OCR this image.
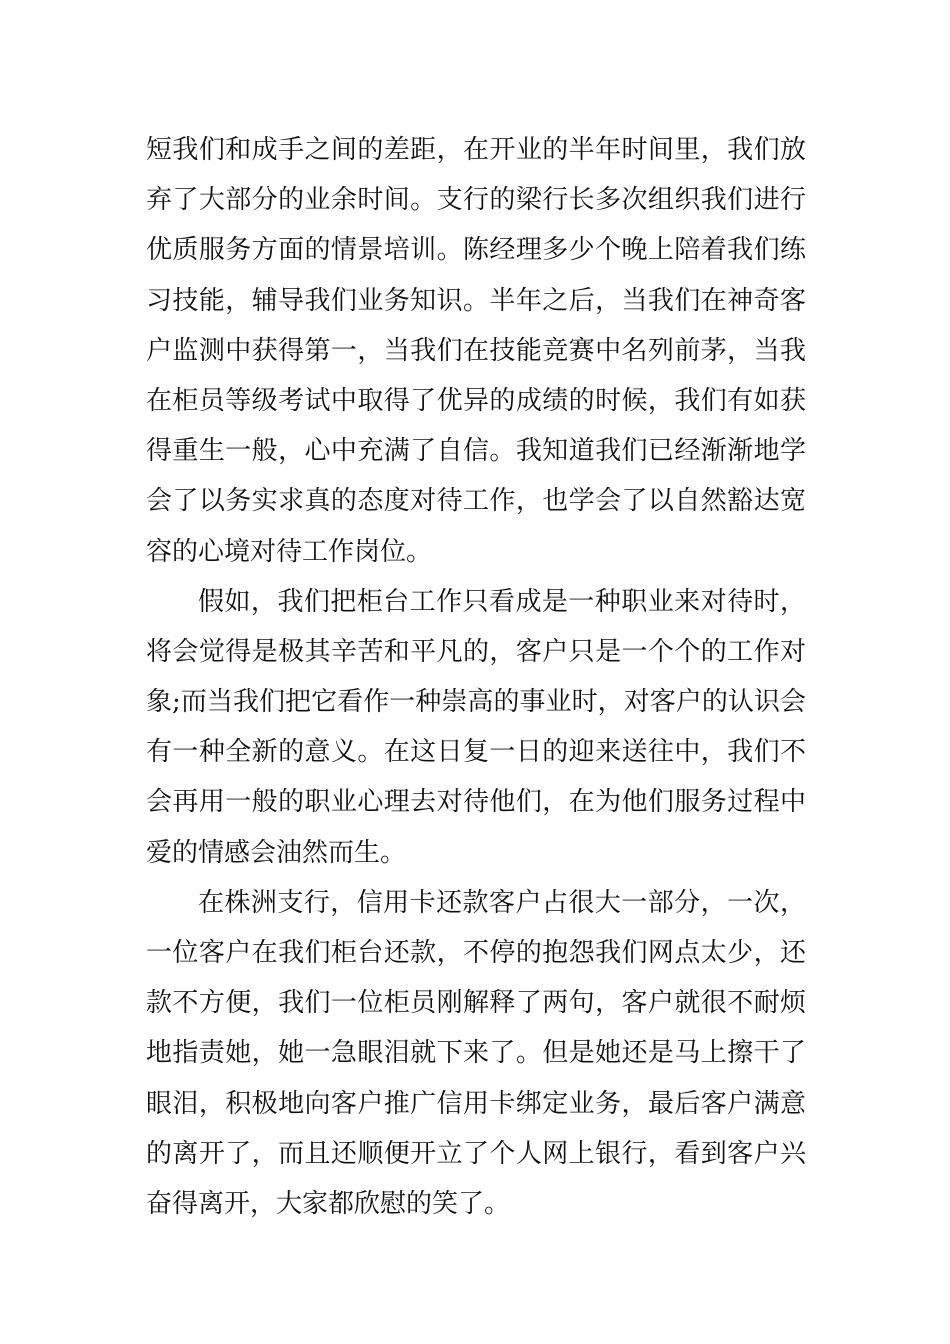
短我们和成手之间的差距，在开业的半年时间里，我们放
弃了大部分的业余时间。支行的梁行长多次组织我们进行
优质服务方面的情景培训。陈经理多少个晚上陪着我们练
习技能，辅导我们业务知识。半年之后，当我们在神奇客
户监测中获得第一，当我们在技能竞赛中名列前茅，当我
在柜员等级考试中取得了优异的成绩的时候，我们有如获
得重生一般，心中充满了自信。我知道我们已经渐渐地学
会了以务实求真的态度对待工作，也学会了以自然豁达宽
容的心境对待工作岗位。
假如，我们把柜台工作只看成是一种职业来对待时，
将会觉得是极其辛苦和平凡的，客户只是一个个的工作对
象;而当我们把它看作一种崇高的事业时，对客户的认识会
有一种全新的意义。在这日复一日的迎来送往中，我们不
会再用一般的职业心理去对待他们，在为他们服务过程中
爱的情感会油然而生。
在株洲支行，信用卡还款客户占很大一部分，一次，
一位客户在我们柜台还款，不停的抱怨我们网点太少，还
款不方便，我们一位柜员刚解释了两句，客户就很不耐烦
地指责她，她一急眼泪就下来了。但是她还是马上擦干了
眼泪，积极地向客户推广信用卡绑定业务，最后客户满意
的离开了，而且还顺便开立了个人网上银行，看到客户兴
奋得离开，大家都欣慰的笑了。
